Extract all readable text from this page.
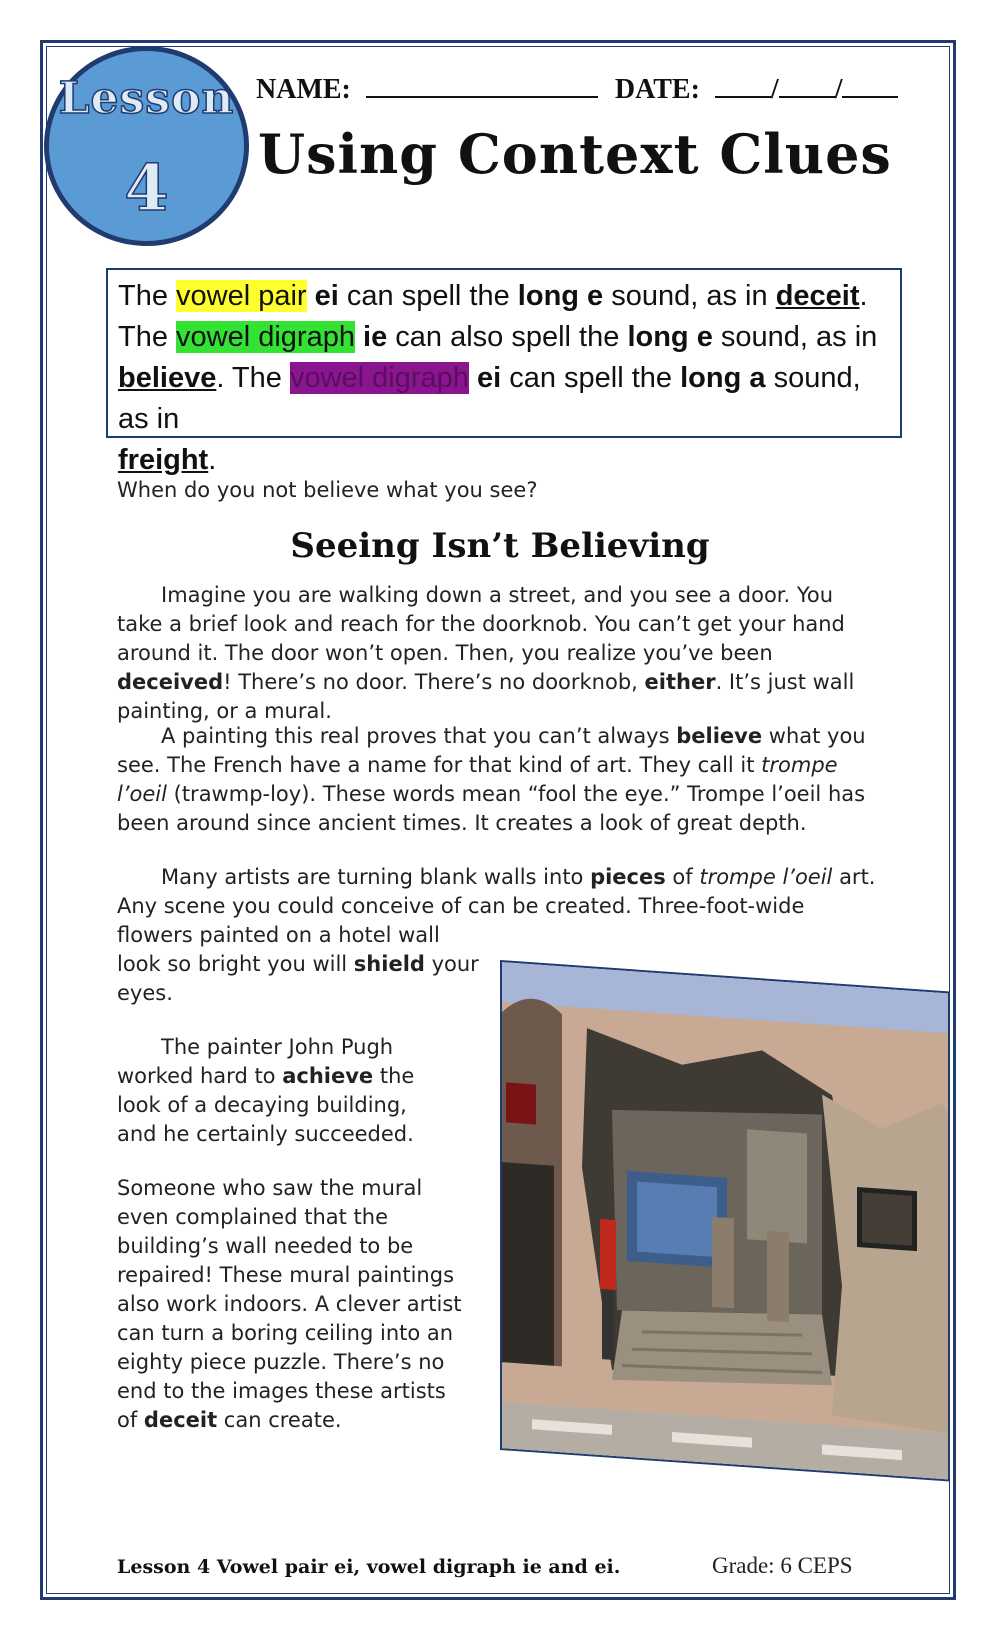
Lesson
4
NAME:	DATE:	/ /
Using Context Clues
The vowel pair ei can spell the long e sound, as in deceit.
The vowel digraph ie can also spell the long e sound, as in
believe. The vowel digraph ei can spell the long a sound, as in
freight.
When do you not believe what you see?
Seeing Isn’t Believing
Imagine you are walking down a street, and you see a door. You
take a brief look and reach for the doorknob. You can’t get your hand
around it. The door won’t open. Then, you realize you’ve been
deceived! There’s no door. There’s no doorknob, either. It’s just wall
painting, or a mural.
A painting this real proves that you can’t always believe what you
see. The French have a name for that kind of art. They call it trompe
l’oeil (trawmp-loy). These words mean “fool the eye.” Trompe l’oeil has
been around since ancient times. It creates a look of great depth.
Many artists are turning blank walls into pieces of trompe l’oeil art.
Any scene you could conceive of can be created. Three-foot-wide
flowers painted on a hotel wall
look so bright you will shield your
eyes.
The painter John Pugh
worked hard to achieve the
look of a decaying building,
and he certainly succeeded.
Someone who saw the mural
even complained that the
building’s wall needed to be
repaired! These mural paintings
also work indoors. A clever artist
can turn a boring ceiling into an
eighty piece puzzle. There’s no
end to the images these artists
of deceit can create.
Lesson 4 Vowel pair ei, vowel digraph ie and ei.	Grade: 6 CEPS
